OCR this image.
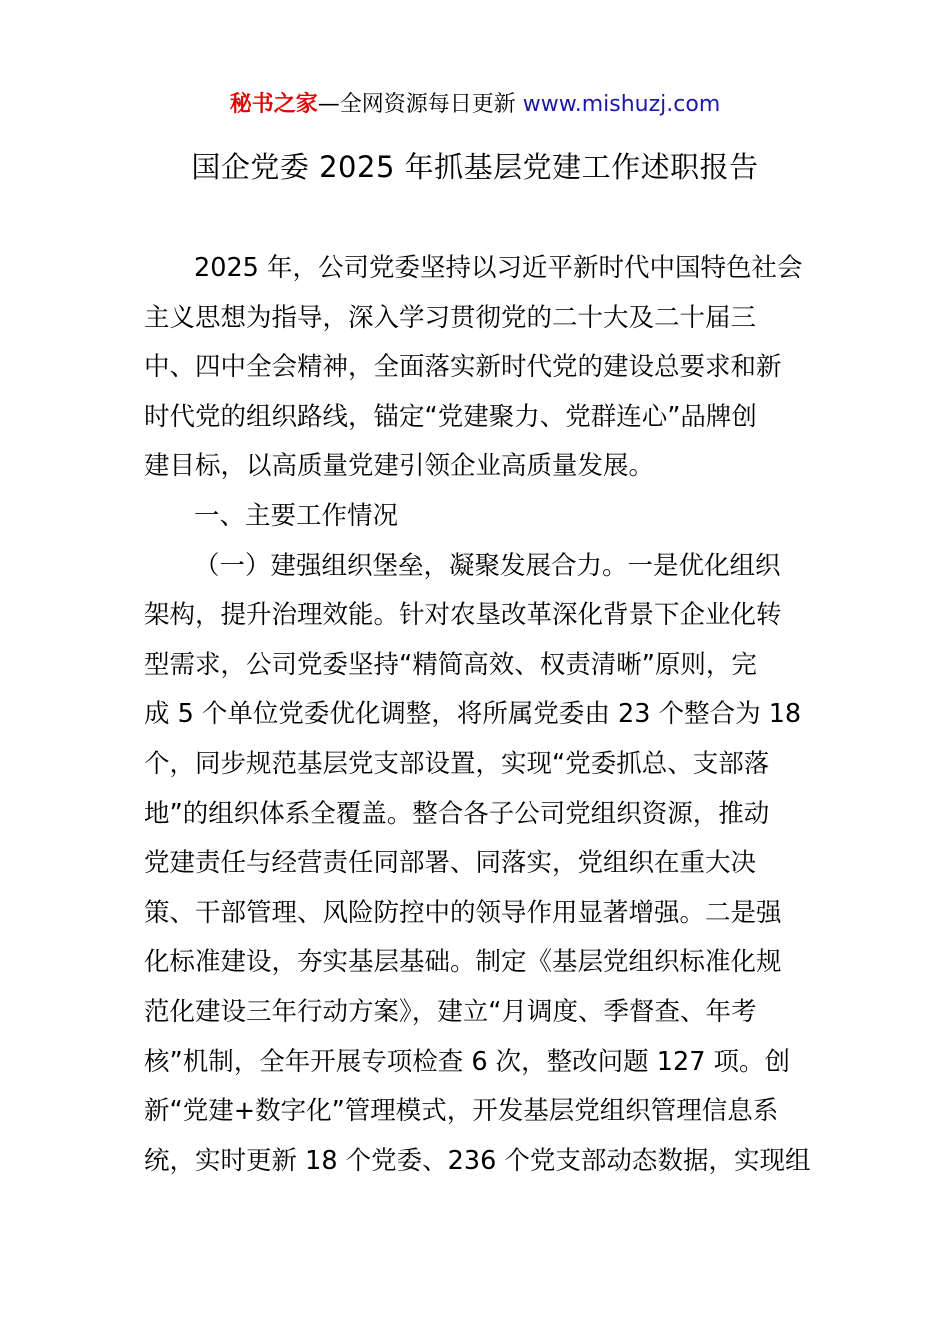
秘书之家—全网资源每日更新 www.mishuzj.com
国企党委 2025 年抓基层党建工作述职报告
2025 年，公司党委坚持以习近平新时代中国特色社会
主义思想为指导，深入学习贯彻党的二十大及二十届三
中、四中全会精神，全面落实新时代党的建设总要求和新
时代党的组织路线，锚定“党建聚力、党群连心”品牌创
建目标，以高质量党建引领企业高质量发展。
一、主要工作情况
（一）建强组织堡垒，凝聚发展合力。一是优化组织
架构，提升治理效能。针对农垦改革深化背景下企业化转
型需求，公司党委坚持“精简高效、权责清晰”原则，完
成 5 个单位党委优化调整，将所属党委由 23 个整合为 18
个，同步规范基层党支部设置，实现“党委抓总、支部落
地”的组织体系全覆盖。整合各子公司党组织资源，推动
党建责任与经营责任同部署、同落实，党组织在重大决
策、干部管理、风险防控中的领导作用显著增强。二是强
化标准建设，夯实基层基础。制定《基层党组织标准化规
范化建设三年行动方案》，建立“月调度、季督查、年考
核”机制，全年开展专项检查 6 次，整改问题 127 项。创
新“党建+数字化”管理模式，开发基层党组织管理信息系
统，实时更新 18 个党委、236 个党支部动态数据，实现组
